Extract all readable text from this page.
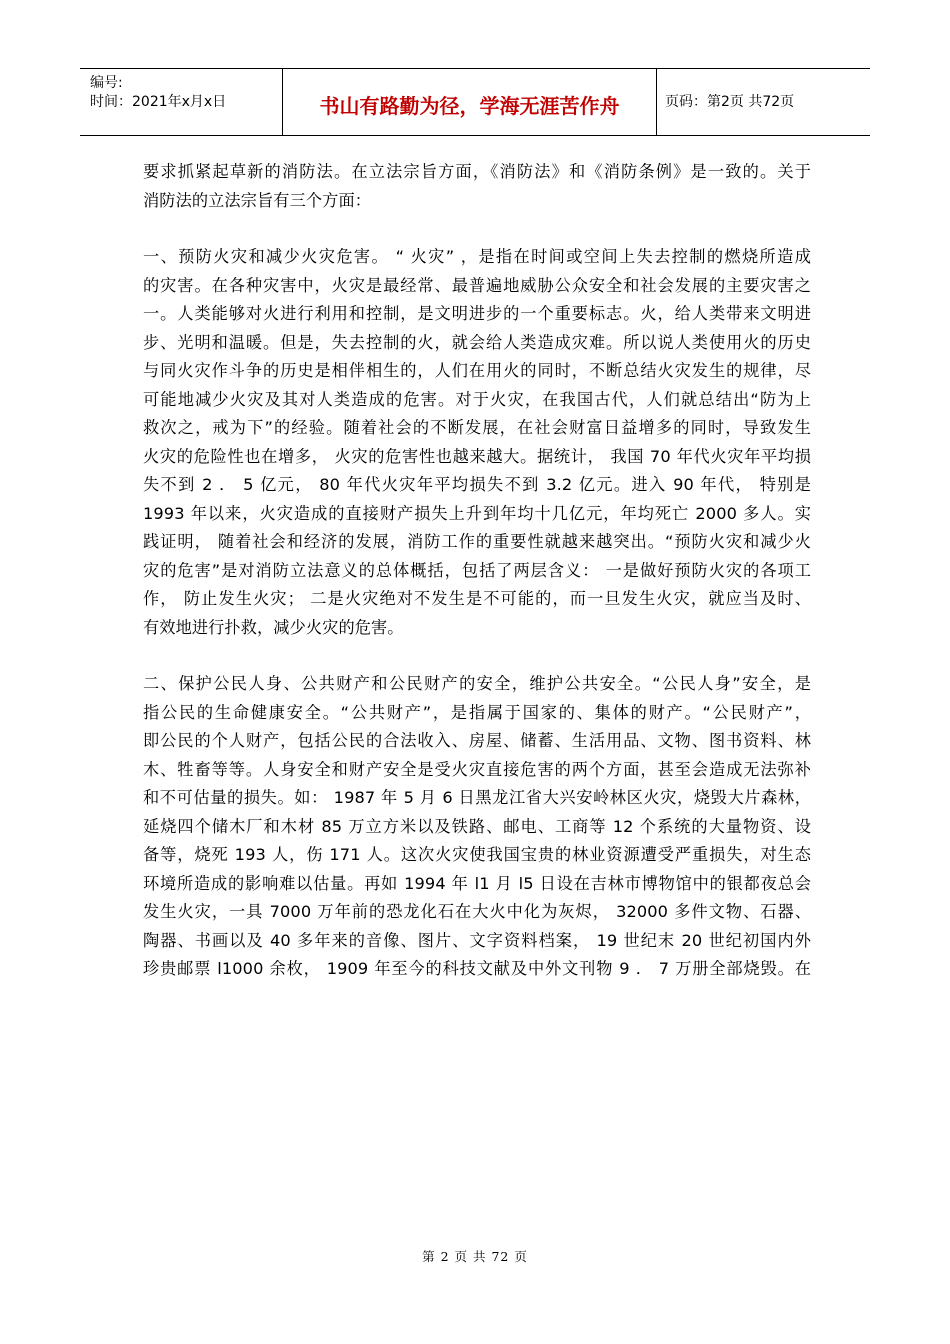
编号:
时间：2021年x月x日	书山有路勤为径，学海无涯苦作舟	页码：第2页 共72页
要求抓紧起草新的消防法。在立法宗旨方面，《消防法》和《消防条例》是一致的。关于
消防法的立法宗旨有三个方面：
一、预防火灾和减少火灾危害。 “ 火灾” ，是指在时间或空间上失去控制的燃烧所造成
的灾害。在各种灾害中，火灾是最经常、最普遍地威胁公众安全和社会发展的主要灾害之
一。人类能够对火进行利用和控制，是文明进步的一个重要标志。火，给人类带来文明进
步、光明和温暖。但是，失去控制的火，就会给人类造成灾难。所以说人类使用火的历史
与同火灾作斗争的历史是相伴相生的，人们在用火的同时，不断总结火灾发生的规律，尽
可能地减少火灾及其对人类造成的危害。对于火灾，在我国古代，人们就总结出“防为上
救次之，戒为下”的经验。随着社会的不断发展，在社会财富日益增多的同时，导致发生
火灾的危险性也在增多， 火灾的危害性也越来越大。据统计， 我国 70 年代火灾年平均损
失不到 2 ． 5 亿元， 80 年代火灾年平均损失不到 3.2 亿元。进入 90 年代， 特别是
1993 年以来，火灾造成的直接财产损失上升到年均十几亿元，年均死亡 2000 多人。实
践证明， 随着社会和经济的发展，消防工作的重要性就越来越突出。“预防火灾和减少火
灾的危害”是对消防立法意义的总体概括，包括了两层含义： 一是做好预防火灾的各项工
作， 防止发生火灾； 二是火灾绝对不发生是不可能的，而一旦发生火灾，就应当及时、
有效地进行扑救，减少火灾的危害。
二、保护公民人身、公共财产和公民财产的安全，维护公共安全。“公民人身”安全，是
指公民的生命健康安全。“公共财产”，是指属于国家的、集体的财产。“公民财产”，
即公民的个人财产，包括公民的合法收入、房屋、储蓄、生活用品、文物、图书资料、林
木、牲畜等等。人身安全和财产安全是受火灾直接危害的两个方面，甚至会造成无法弥补
和不可估量的损失。如： 1987 年 5 月 6 日黑龙江省大兴安岭林区火灾，烧毁大片森林，
延烧四个储木厂和木材 85 万立方米以及铁路、邮电、工商等 12 个系统的大量物资、设
备等，烧死 193 人，伤 171 人。这次火灾使我国宝贵的林业资源遭受严重损失，对生态
环境所造成的影响难以估量。再如 1994 年 l1 月 l5 日设在吉林市博物馆中的银都夜总会
发生火灾，一具 7000 万年前的恐龙化石在大火中化为灰烬， 32000 多件文物、石器、
陶器、书画以及 40 多年来的音像、图片、文字资料档案， 19 世纪末 20 世纪初国内外
珍贵邮票 l1000 余枚， 1909 年至今的科技文献及中外文刊物 9 ． 7 万册全部烧毁。在
第 2 页 共 72 页
